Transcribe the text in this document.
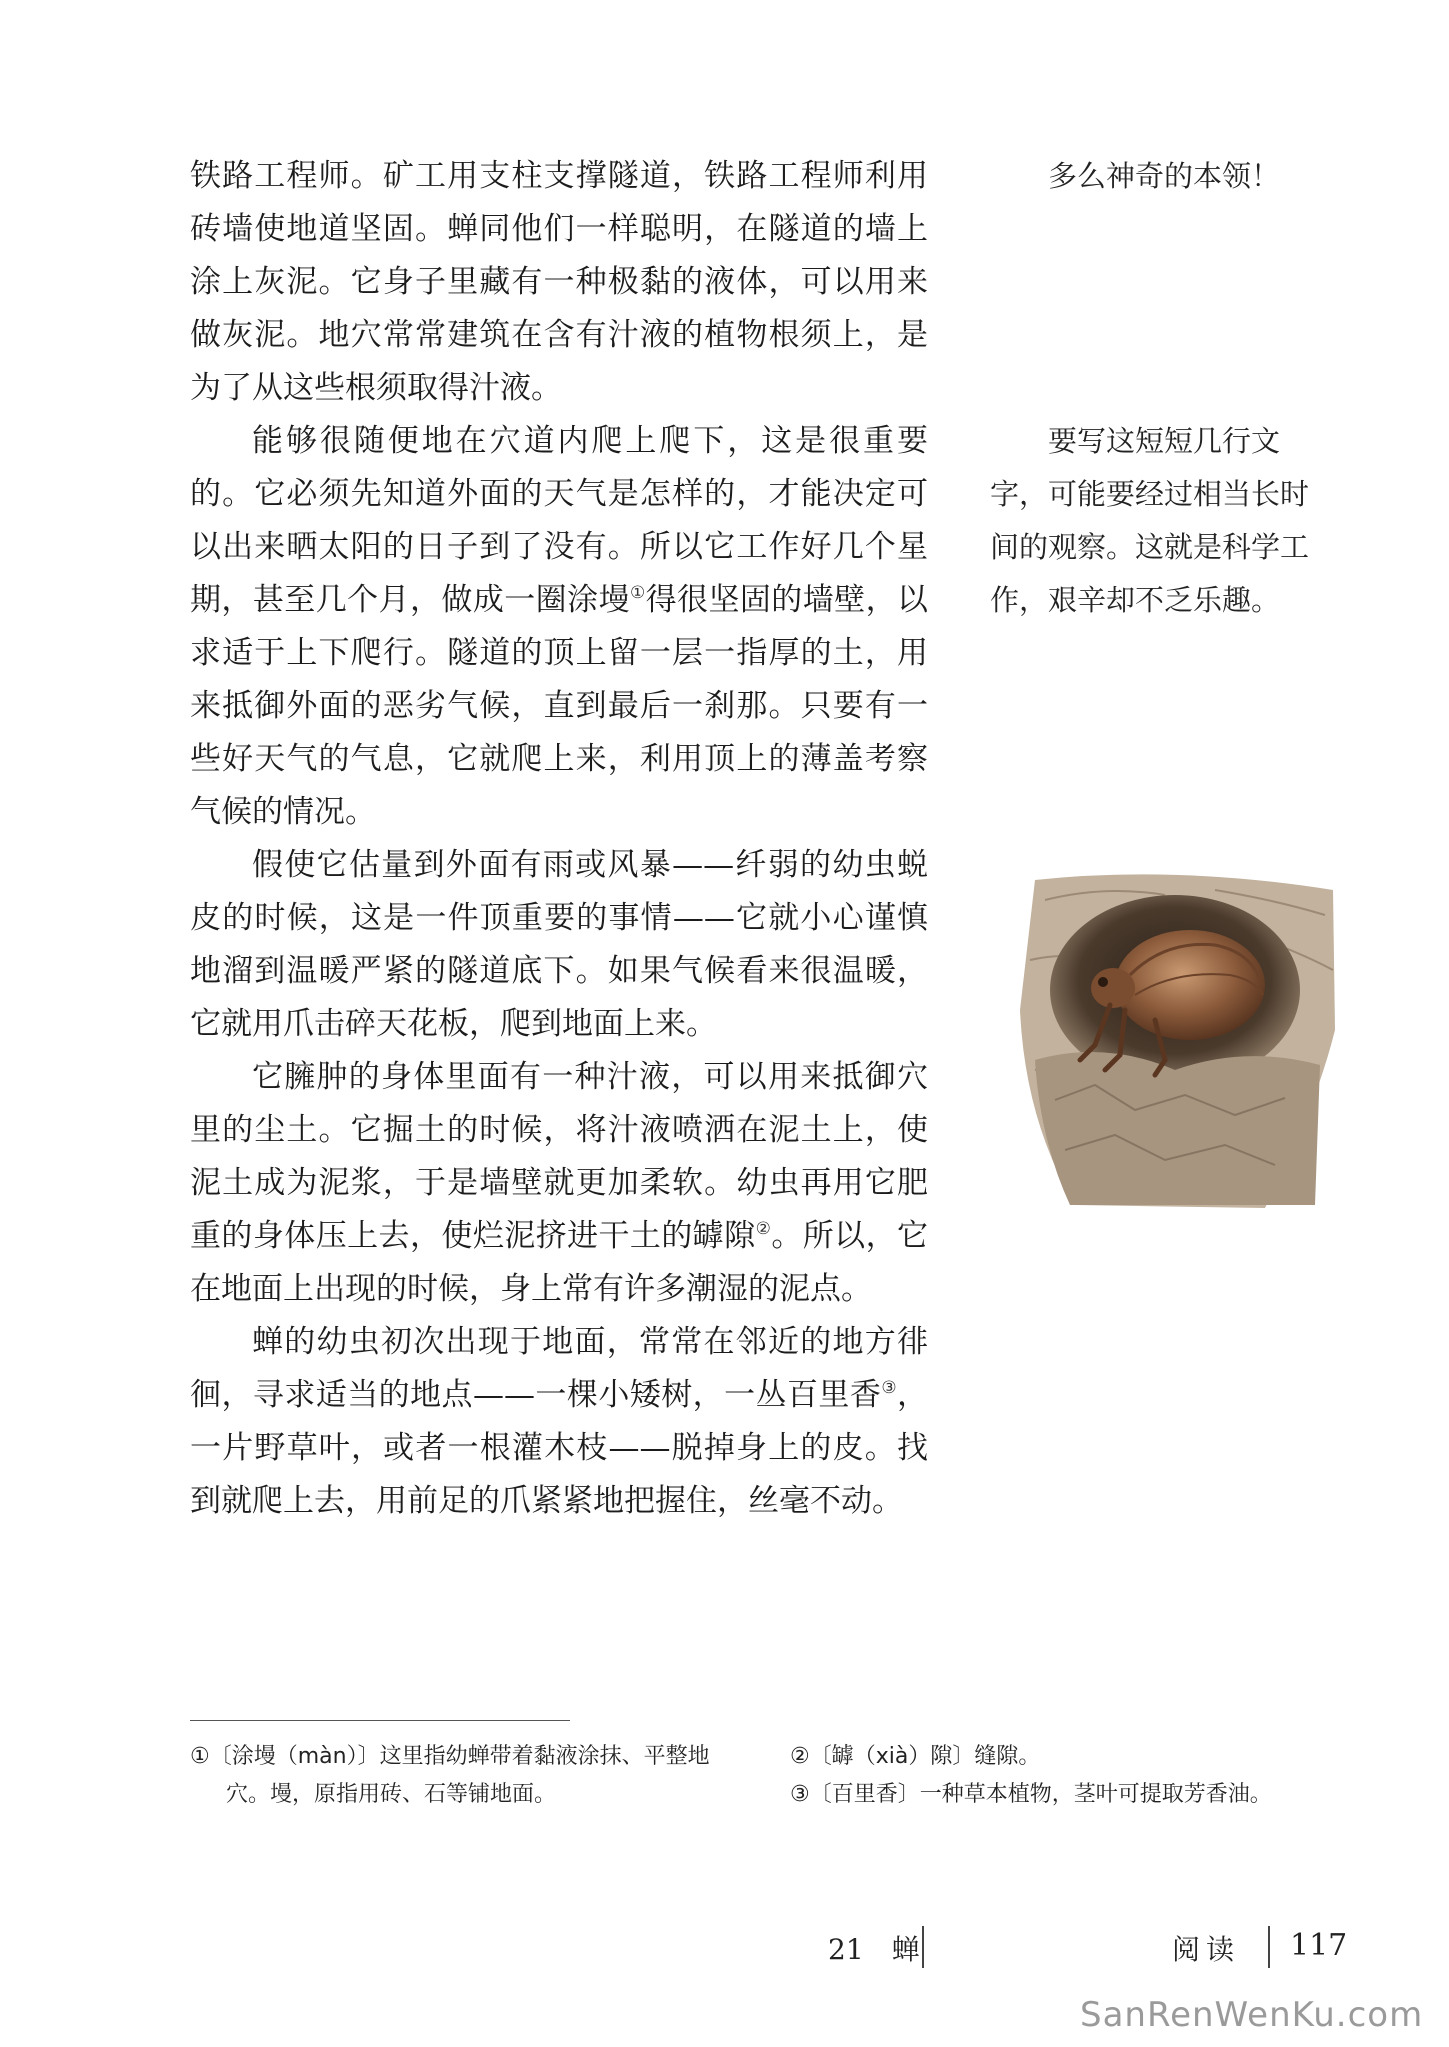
铁路工程师。矿工用支柱支撑隧道，铁路工程师利用砖墙使地道坚固。蝉同他们一样聪明，在隧道的墙上涂上灰泥。它身子里藏有一种极黏的液体，可以用来做灰泥。地穴常常建筑在含有汁液的植物根须上，是为了从这些根须取得汁液。

能够很随便地在穴道内爬上爬下，这是很重要的。它必须先知道外面的天气是怎样的，才能决定可以出来晒太阳的日子到了没有。所以它工作好几个星期，甚至几个月，做成一圈涂墁①得很坚固的墙壁，以求适于上下爬行。隧道的顶上留一层一指厚的土，用来抵御外面的恶劣气候，直到最后一刹那。只要有一些好天气的气息，它就爬上来，利用顶上的薄盖考察气候的情况。

假使它估量到外面有雨或风暴——纤弱的幼虫蜕皮的时候，这是一件顶重要的事情——它就小心谨慎地溜到温暖严紧的隧道底下。如果气候看来很温暖，它就用爪击碎天花板，爬到地面上来。

它臃肿的身体里面有一种汁液，可以用来抵御穴里的尘土。它掘土的时候，将汁液喷洒在泥土上，使泥土成为泥浆，于是墙壁就更加柔软。幼虫再用它肥重的身体压上去，使烂泥挤进干土的罅隙②。所以，它在地面上出现的时候，身上常有许多潮湿的泥点。

蝉的幼虫初次出现于地面，常常在邻近的地方徘徊，寻求适当的地点——一棵小矮树，一丛百里香③，一片野草叶，或者一根灌木枝——脱掉身上的皮。找到就爬上去，用前足的爪紧紧地把握住，丝毫不动。

多么神奇的本领！
要写这短短几行文字，可能要经过相当长时间的观察。这就是科学工作，艰辛却不乏乐趣。
①〔涂墁（màn）〕这里指幼蝉带着黏液涂抹、平整地穴。墁，原指用砖、石等铺地面。
②〔罅（xià）隙〕缝隙。
③〔百里香〕一种草本植物，茎叶可提取芳香油。
21　蝉	阅读 117
SanRenWenKu.com
